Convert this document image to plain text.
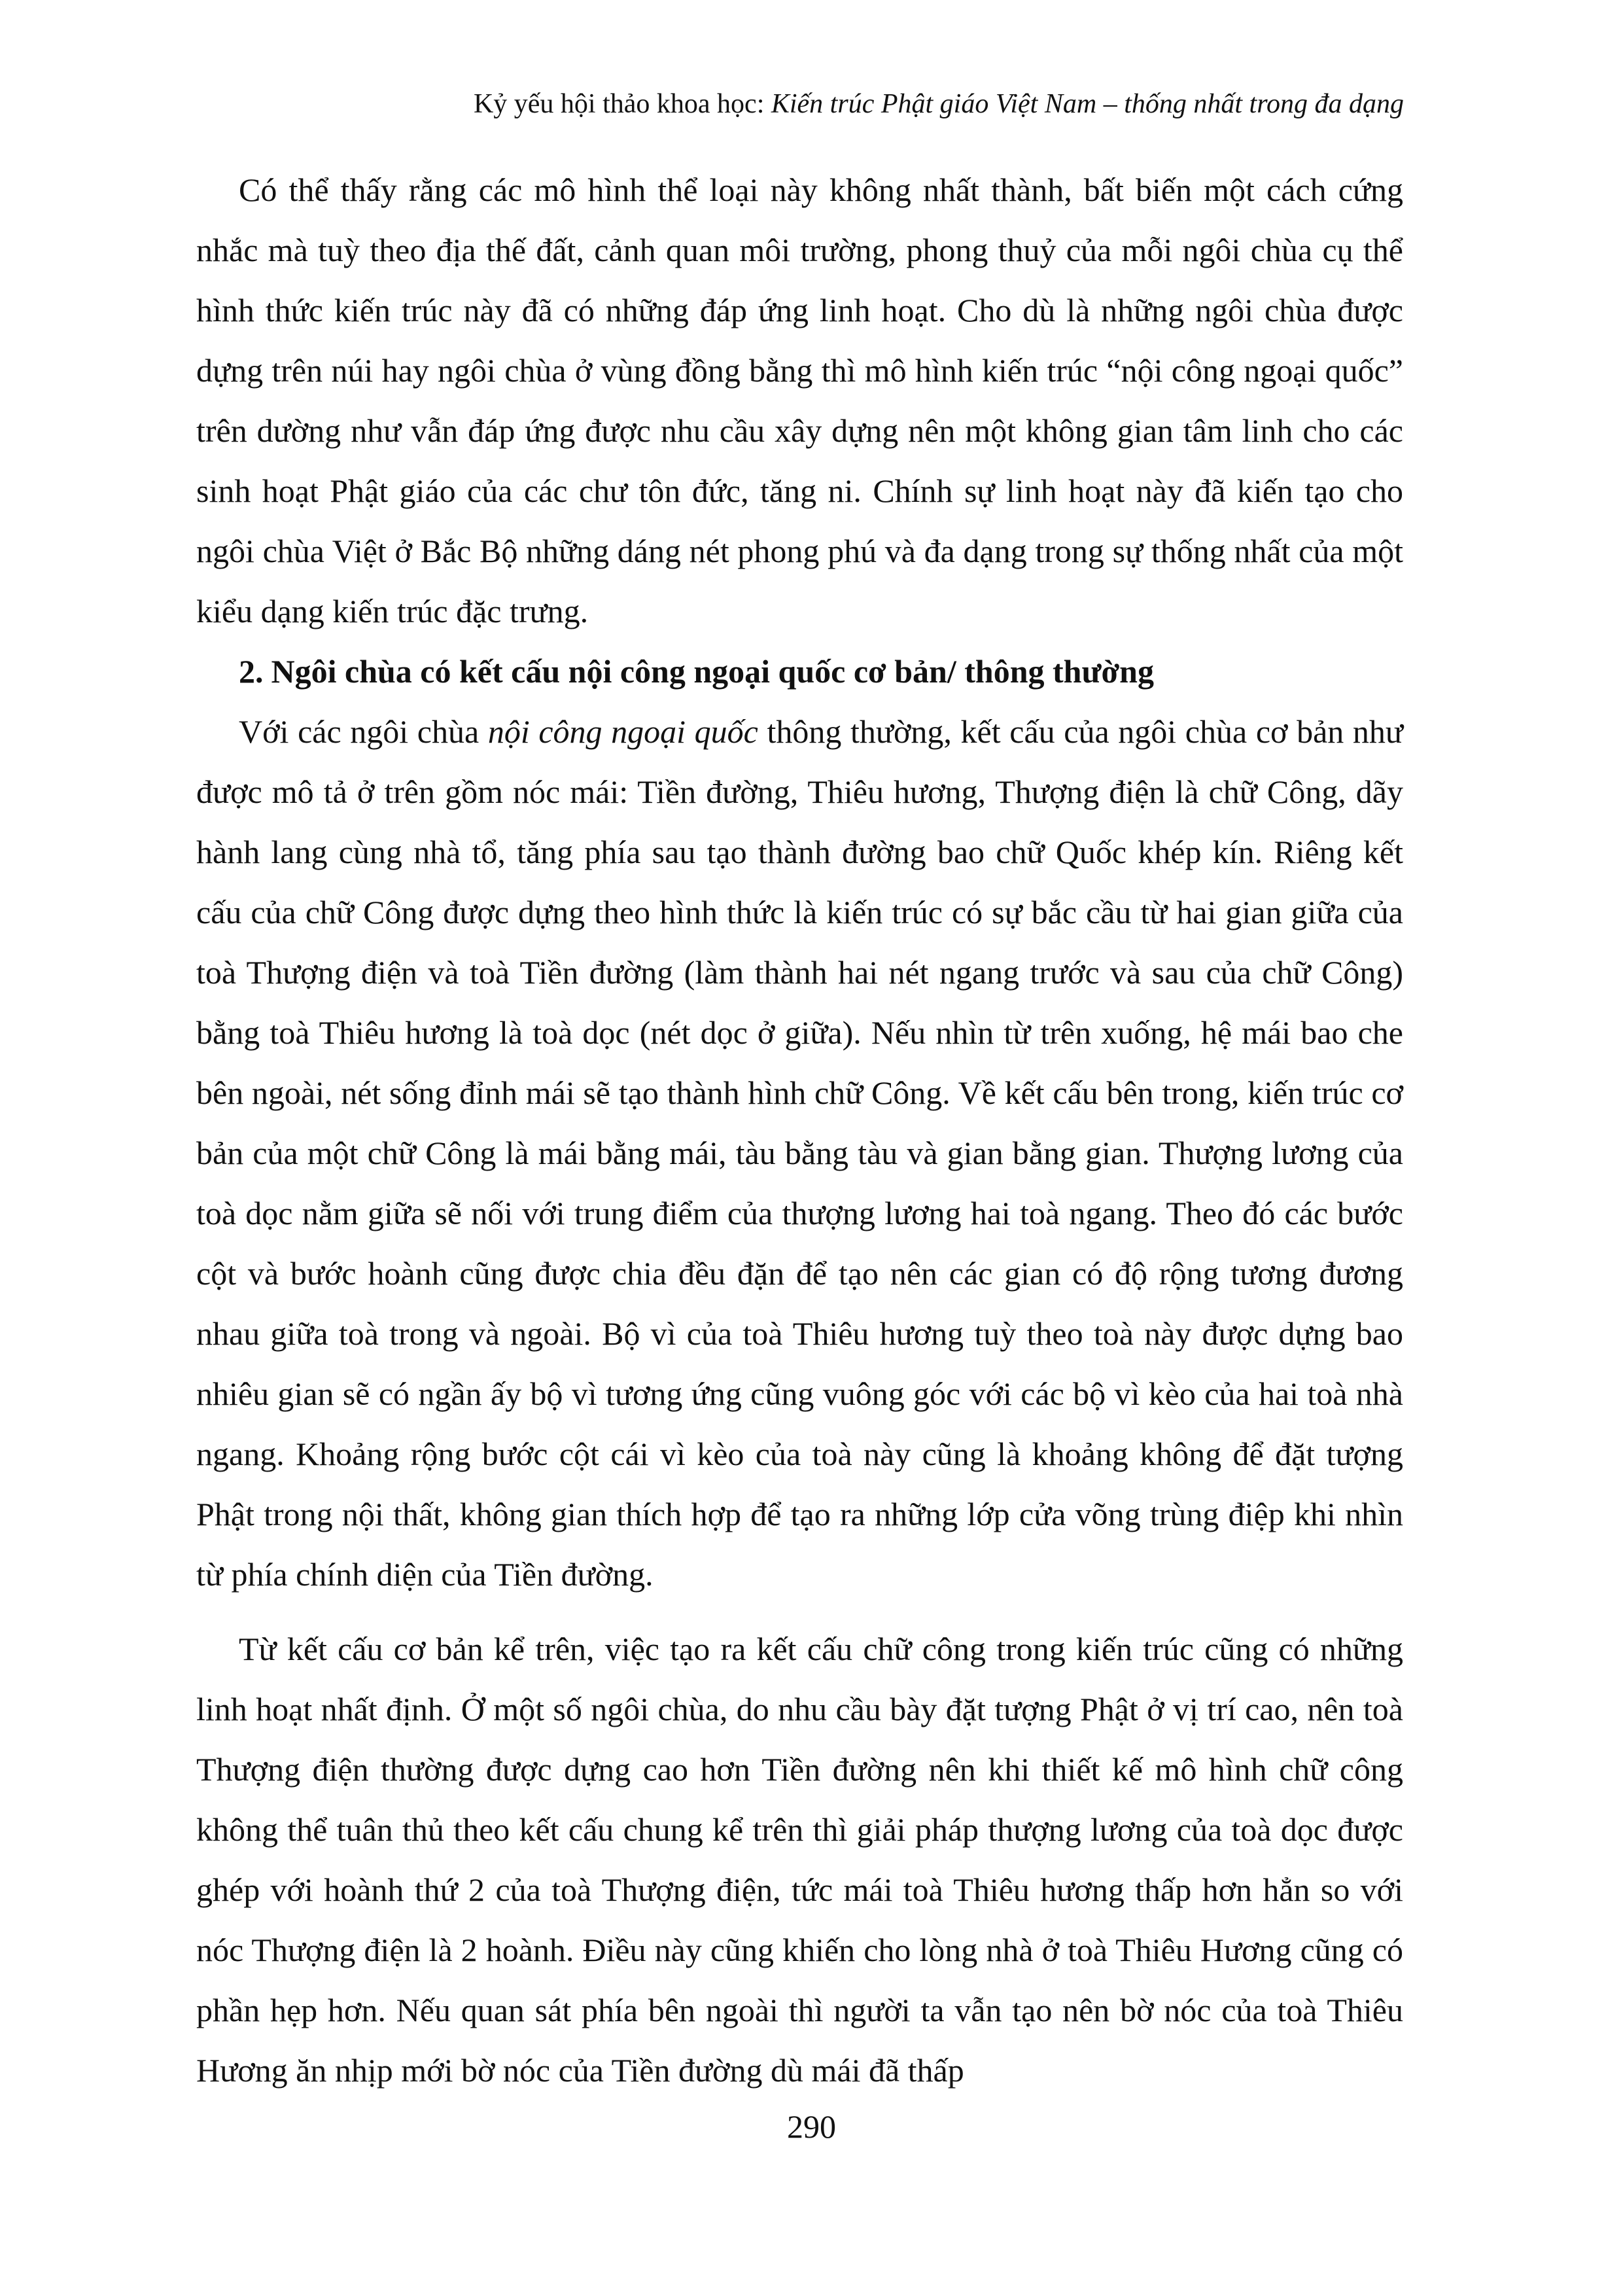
Kỷ yếu hội thảo khoa học: Kiến trúc Phật giáo Việt Nam – thống nhất trong đa dạng

Có thể thấy rằng các mô hình thể loại này không nhất thành, bất biến một cách cứng nhắc mà tuỳ theo địa thế đất, cảnh quan môi trường, phong thuỷ của mỗi ngôi chùa cụ thể hình thức kiến trúc này đã có những đáp ứng linh hoạt. Cho dù là những ngôi chùa được dựng trên núi hay ngôi chùa ở vùng đồng bằng thì mô hình kiến trúc “nội công ngoại quốc” trên dường như vẫn đáp ứng được nhu cầu xây dựng nên một không gian tâm linh cho các sinh hoạt Phật giáo của các chư tôn đức, tăng ni. Chính sự linh hoạt này đã kiến tạo cho ngôi chùa Việt ở Bắc Bộ những dáng nét phong phú và đa dạng trong sự thống nhất của một kiểu dạng kiến trúc đặc trưng.

2. Ngôi chùa có kết cấu nội công ngoại quốc cơ bản/ thông thường

Với các ngôi chùa nội công ngoại quốc thông thường, kết cấu của ngôi chùa cơ bản như được mô tả ở trên gồm nóc mái: Tiền đường, Thiêu hương, Thượng điện là chữ Công, dãy hành lang cùng nhà tổ, tăng phía sau tạo thành đường bao chữ Quốc khép kín. Riêng kết cấu của chữ Công được dựng theo hình thức là kiến trúc có sự bắc cầu từ hai gian giữa của toà Thượng điện và toà Tiền đường (làm thành hai nét ngang trước và sau của chữ Công) bằng toà Thiêu hương là toà dọc (nét dọc ở giữa). Nếu nhìn từ trên xuống, hệ mái bao che bên ngoài, nét sống đỉnh mái sẽ tạo thành hình chữ Công. Về kết cấu bên trong, kiến trúc cơ bản của một chữ Công là mái bằng mái, tàu bằng tàu và gian bằng gian. Thượng lương của toà dọc nằm giữa sẽ nối với trung điểm của thượng lương hai toà ngang. Theo đó các bước cột và bước hoành cũng được chia đều đặn để tạo nên các gian có độ rộng tương đương nhau giữa toà trong và ngoài. Bộ vì của toà Thiêu hương tuỳ theo toà này được dựng bao nhiêu gian sẽ có ngần ấy bộ vì tương ứng cũng vuông góc với các bộ vì kèo của hai toà nhà ngang. Khoảng rộng bước cột cái vì kèo của toà này cũng là khoảng không để đặt tượng Phật trong nội thất, không gian thích hợp để tạo ra những lớp cửa võng trùng điệp khi nhìn từ phía chính diện của Tiền đường.

Từ kết cấu cơ bản kể trên, việc tạo ra kết cấu chữ công trong kiến trúc cũng có những linh hoạt nhất định. Ở một số ngôi chùa, do nhu cầu bày đặt tượng Phật ở vị trí cao, nên toà Thượng điện thường được dựng cao hơn Tiền đường nên khi thiết kế mô hình chữ công không thể tuân thủ theo kết cấu chung kể trên thì giải pháp thượng lương của toà dọc được ghép với hoành thứ 2 của toà Thượng điện, tức mái toà Thiêu hương thấp hơn hẳn so với nóc Thượng điện là 2 hoành. Điều này cũng khiến cho lòng nhà ở toà Thiêu Hương cũng có phần hẹp hơn. Nếu quan sát phía bên ngoài thì người ta vẫn tạo nên bờ nóc của toà Thiêu Hương ăn nhịp mới bờ nóc của Tiền đường dù mái đã thấp

290
